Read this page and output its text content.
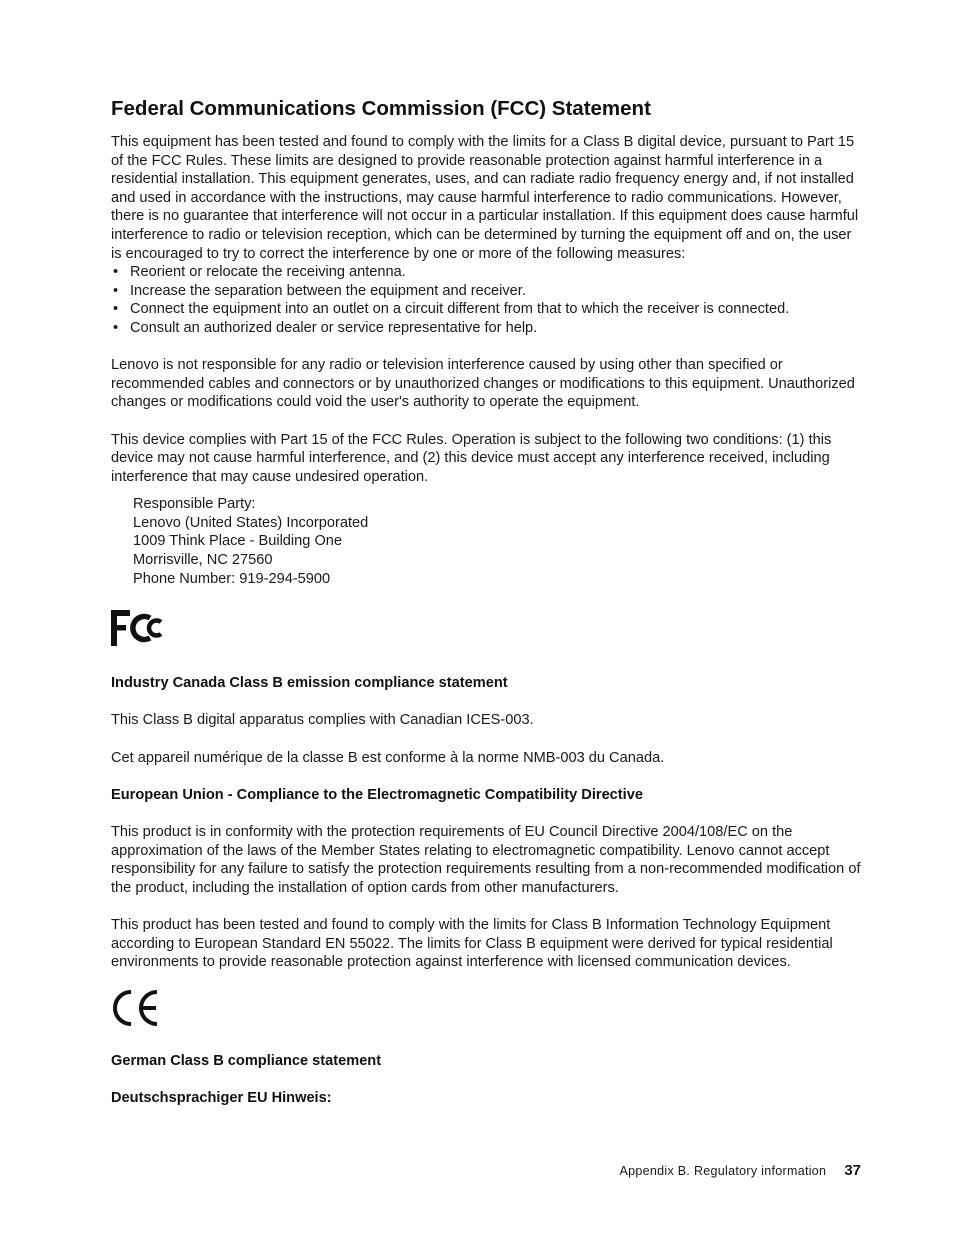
Federal Communications Commission (FCC) Statement

This equipment has been tested and found to comply with the limits for a Class B digital device, pursuant to Part 15 of the FCC Rules. These limits are designed to provide reasonable protection against harmful interference in a residential installation. This equipment generates, uses, and can radiate radio frequency energy and, if not installed and used in accordance with the instructions, may cause harmful interference to radio communications. However, there is no guarantee that interference will not occur in a particular installation. If this equipment does cause harmful interference to radio or television reception, which can be determined by turning the equipment off and on, the user is encouraged to try to correct the interference by one or more of the following measures:

• Reorient or relocate the receiving antenna.
• Increase the separation between the equipment and receiver.
• Connect the equipment into an outlet on a circuit different from that to which the receiver is connected.
• Consult an authorized dealer or service representative for help.

Lenovo is not responsible for any radio or television interference caused by using other than specified or recommended cables and connectors or by unauthorized changes or modifications to this equipment. Unauthorized changes or modifications could void the user's authority to operate the equipment.

This device complies with Part 15 of the FCC Rules. Operation is subject to the following two conditions: (1) this device may not cause harmful interference, and (2) this device must accept any interference received, including interference that may cause undesired operation.

Responsible Party:
Lenovo (United States) Incorporated
1009 Think Place - Building One
Morrisville, NC 27560
Phone Number: 919-294-5900
Industry Canada Class B emission compliance statement

This Class B digital apparatus complies with Canadian ICES-003.

Cet appareil numérique de la classe B est conforme à la norme NMB-003 du Canada.

European Union - Compliance to the Electromagnetic Compatibility Directive

This product is in conformity with the protection requirements of EU Council Directive 2004/108/EC on the approximation of the laws of the Member States relating to electromagnetic compatibility. Lenovo cannot accept responsibility for any failure to satisfy the protection requirements resulting from a non-recommended modification of the product, including the installation of option cards from other manufacturers.

This product has been tested and found to comply with the limits for Class B Information Technology Equipment according to European Standard EN 55022. The limits for Class B equipment were derived for typical residential environments to provide reasonable protection against interference with licensed communication devices.

German Class B compliance statement
Deutschsprachiger EU Hinweis:
Appendix B. Regulatory information 37
